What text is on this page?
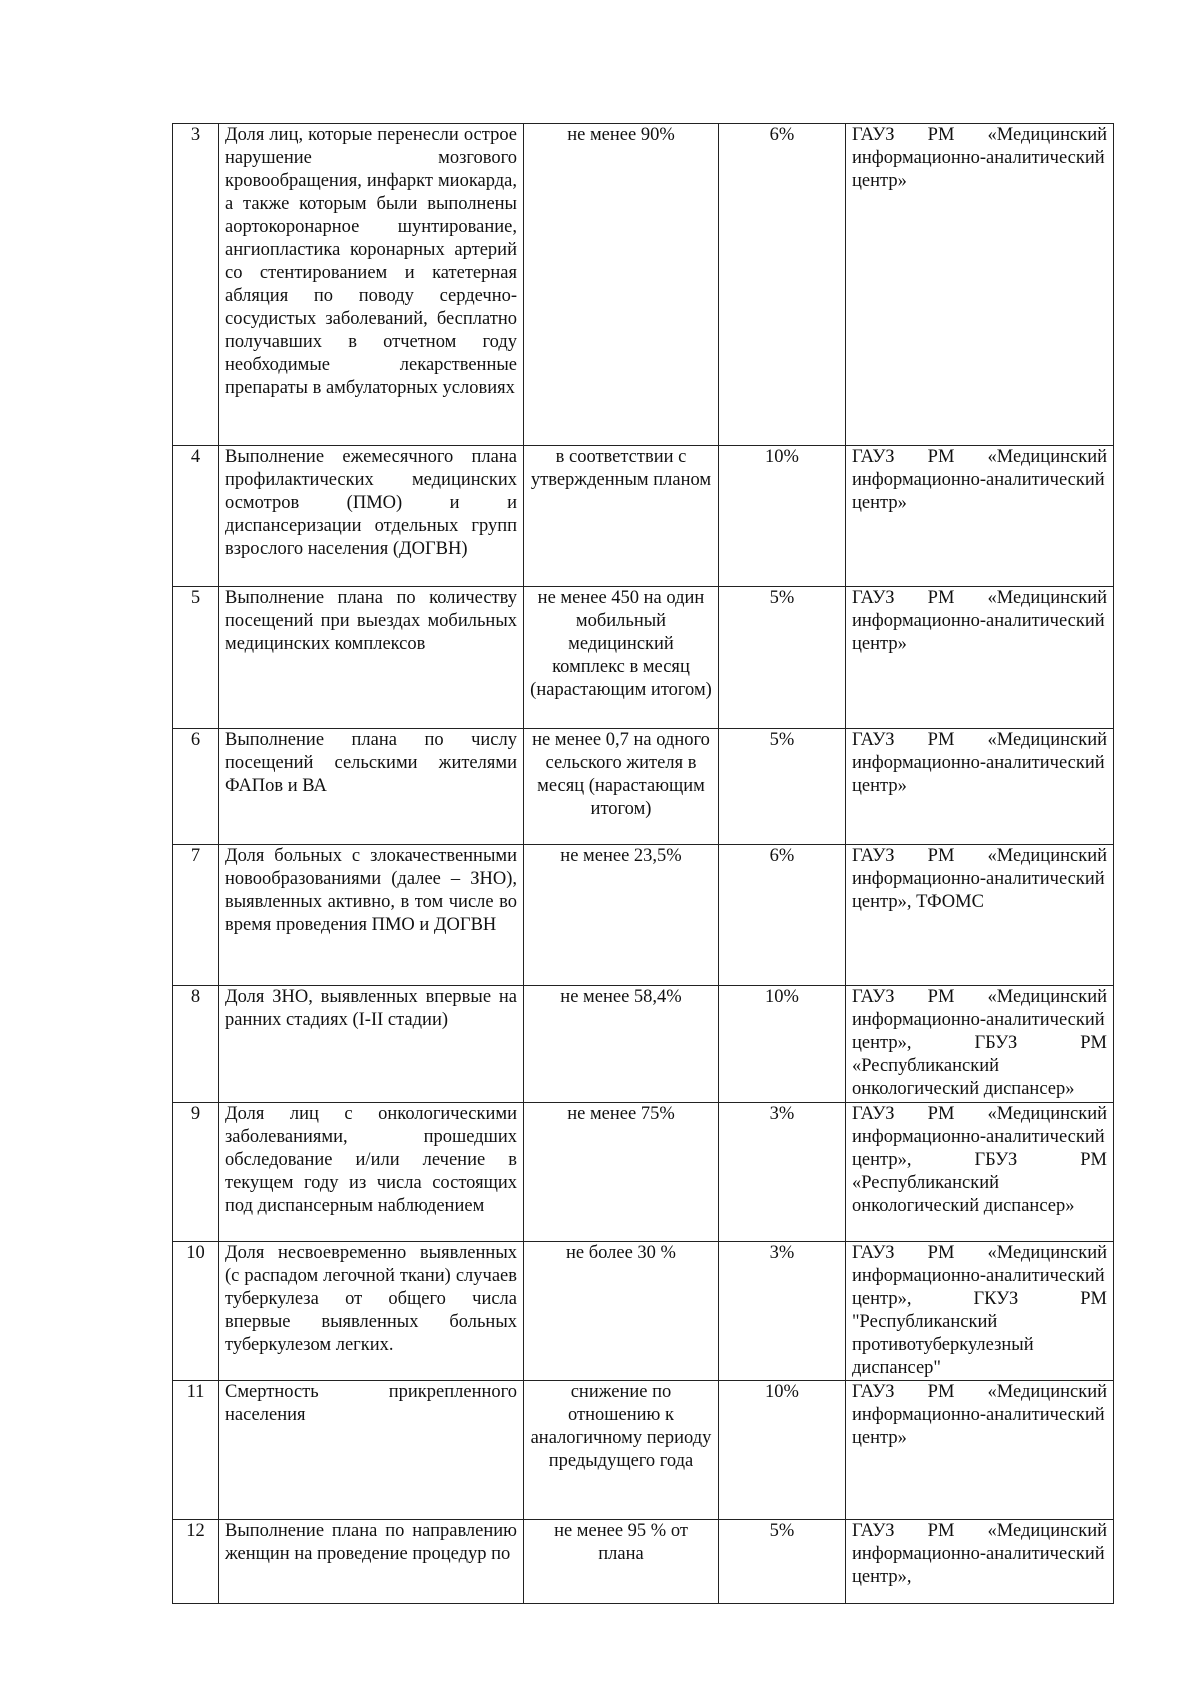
3	Доля лиц, которые перенесли острое нарушение мозгового кровообращения, инфаркт миокарда, а также которым были выполнены аортокоронарное шунтирование, ангиопластика коронарных артерий со стентированием и катетерная абляция по поводу сердечно-сосудистых заболеваний, бесплатно получавших в отчетном году необходимые лекарственные препараты в амбулаторных условиях	не менее 90%	6%	ГАУЗ РМ «Медицинский информационно-аналитический центр»
4	Выполнение ежемесячного плана профилактических медицинских осмотров (ПМО) и и диспансеризации отдельных групп взрослого населения (ДОГВН)	в соответствии с утвержденным планом	10%	ГАУЗ РМ «Медицинский информационно-аналитический центр»
5	Выполнение плана по количеству посещений при выездах мобильных медицинских комплексов	не менее 450 на один мобильный медицинский комплекс в месяц (нарастающим итогом)	5%	ГАУЗ РМ «Медицинский информационно-аналитический центр»
6	Выполнение плана по числу посещений сельскими жителями ФАПов и ВА	не менее 0,7 на одного сельского жителя в месяц (нарастающим итогом)	5%	ГАУЗ РМ «Медицинский информационно-аналитический центр»
7	Доля больных с злокачественными новообразованиями (далее – ЗНО), выявленных активно, в том числе во время проведения ПМО и ДОГВН	не менее 23,5%	6%	ГАУЗ РМ «Медицинский информационно-аналитический центр», ТФОМС
8	Доля ЗНО, выявленных впервые на ранних стадиях (I-II стадии)	не менее 58,4%	10%	ГАУЗ РМ «Медицинский информационно-аналитический центр», ГБУЗ РМ «Республиканский онкологический диспансер»
9	Доля лиц с онкологическими заболеваниями, прошедших обследование и/или лечение в текущем году из числа состоящих под диспансерным наблюдением	не менее 75%	3%	ГАУЗ РМ «Медицинский информационно-аналитический центр», ГБУЗ РМ «Республиканский онкологический диспансер»
10	Доля несвоевременно выявленных (с распадом легочной ткани) случаев туберкулеза от общего числа впервые выявленных больных туберкулезом легких.	не более 30 %	3%	ГАУЗ РМ «Медицинский информационно-аналитический центр», ГКУЗ РМ "Республиканский противотуберкулезный диспансер"
11	Смертность прикрепленного населения	снижение по отношению к аналогичному периоду предыдущего года	10%	ГАУЗ РМ «Медицинский информационно-аналитический центр»
12	Выполнение плана по направлению женщин на проведение процедур по	не менее 95 % от плана	5%	ГАУЗ РМ «Медицинский информационно-аналитический центр»,
